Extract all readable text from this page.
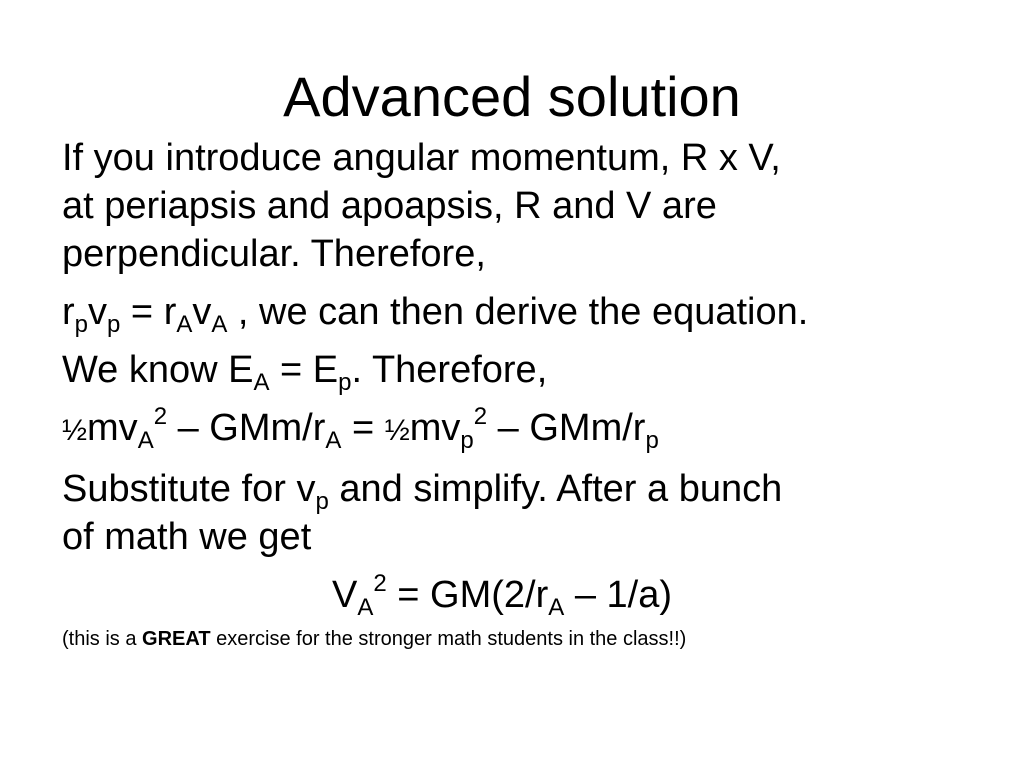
Advanced solution

If you introduce angular momentum, R x V,
at periapsis and apoapsis, R and V are
perpendicular. Therefore,

$r_pv_p = r_Av_A$ , we can then derive the equation.

We know $E_A = E_p$. Therefore,

$\frac{1}{2}mv_A^2 - GMm/r_A$ = $\frac{1}{2}mv_p^2 - GMm/r_p$

Substitute for $v_p$ and simplify. After a bunch
of math we get

$V_A^2 = GM(2/r_A - 1/a)$

(this is a GREAT exercise for the stronger math students in the class!!)
